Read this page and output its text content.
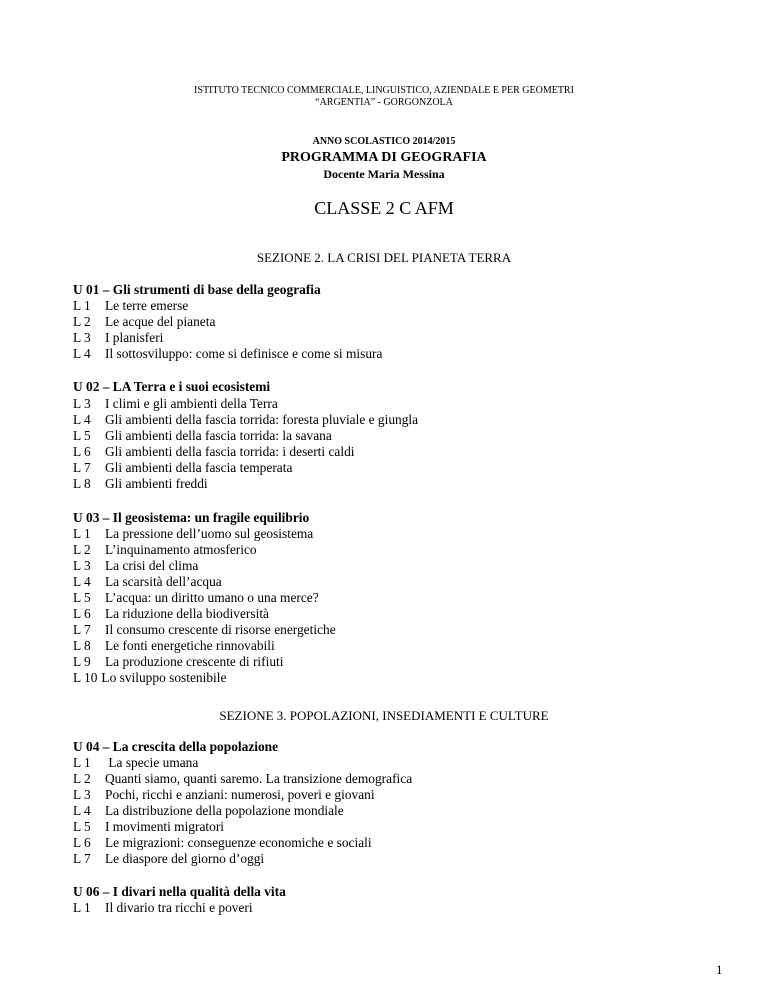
ISTITUTO TECNICO COMMERCIALE, LINGUISTICO, AZIENDALE E PER GEOMETRI
“ARGENTIA” - GORGONZOLA
ANNO SCOLASTICO 2014/2015
PROGRAMMA DI GEOGRAFIA
Docente Maria Messina
CLASSE 2 C AFM
SEZIONE 2. LA CRISI DEL PIANETA TERRA
U 01 – Gli strumenti di base della geografia
L 1 Le terre emerse
L 2 Le acque del pianeta
L 3 I planisferi
L 4 Il sottosviluppo: come si definisce e come si misura
U 02 – LA Terra e i suoi ecosistemi
L 3 I climi e gli ambienti della Terra
L 4 Gli ambienti della fascia torrida: foresta pluviale e giungla
L 5 Gli ambienti della fascia torrida: la savana
L 6 Gli ambienti della fascia torrida: i deserti caldi
L 7 Gli ambienti della fascia temperata
L 8 Gli ambienti freddi
U 03 – Il geosistema: un fragile equilibrio
L 1 La pressione dell’uomo sul geosistema
L 2 L’inquinamento atmosferico
L 3 La crisi del clima
L 4 La scarsità dell’acqua
L 5 L’acqua: un diritto umano o una merce?
L 6 La riduzione della biodiversità
L 7 Il consumo crescente di risorse energetiche
L 8 Le fonti energetiche rinnovabili
L 9 La produzione crescente di rifiuti
L 10 Lo sviluppo sostenibile
SEZIONE 3. POPOLAZIONI, INSEDIAMENTI E CULTURE
U 04 – La crescita della popolazione
L 1 La specie umana
L 2 Quanti siamo, quanti saremo. La transizione demografica
L 3 Pochi, ricchi e anziani: numerosi, poveri e giovani
L 4 La distribuzione della popolazione mondiale
L 5 I movimenti migratori
L 6 Le migrazioni: conseguenze economiche e sociali
L 7 Le diaspore del giorno d’oggi
U 06 – I divari nella qualità della vita
L 1 Il divario tra ricchi e poveri
1
